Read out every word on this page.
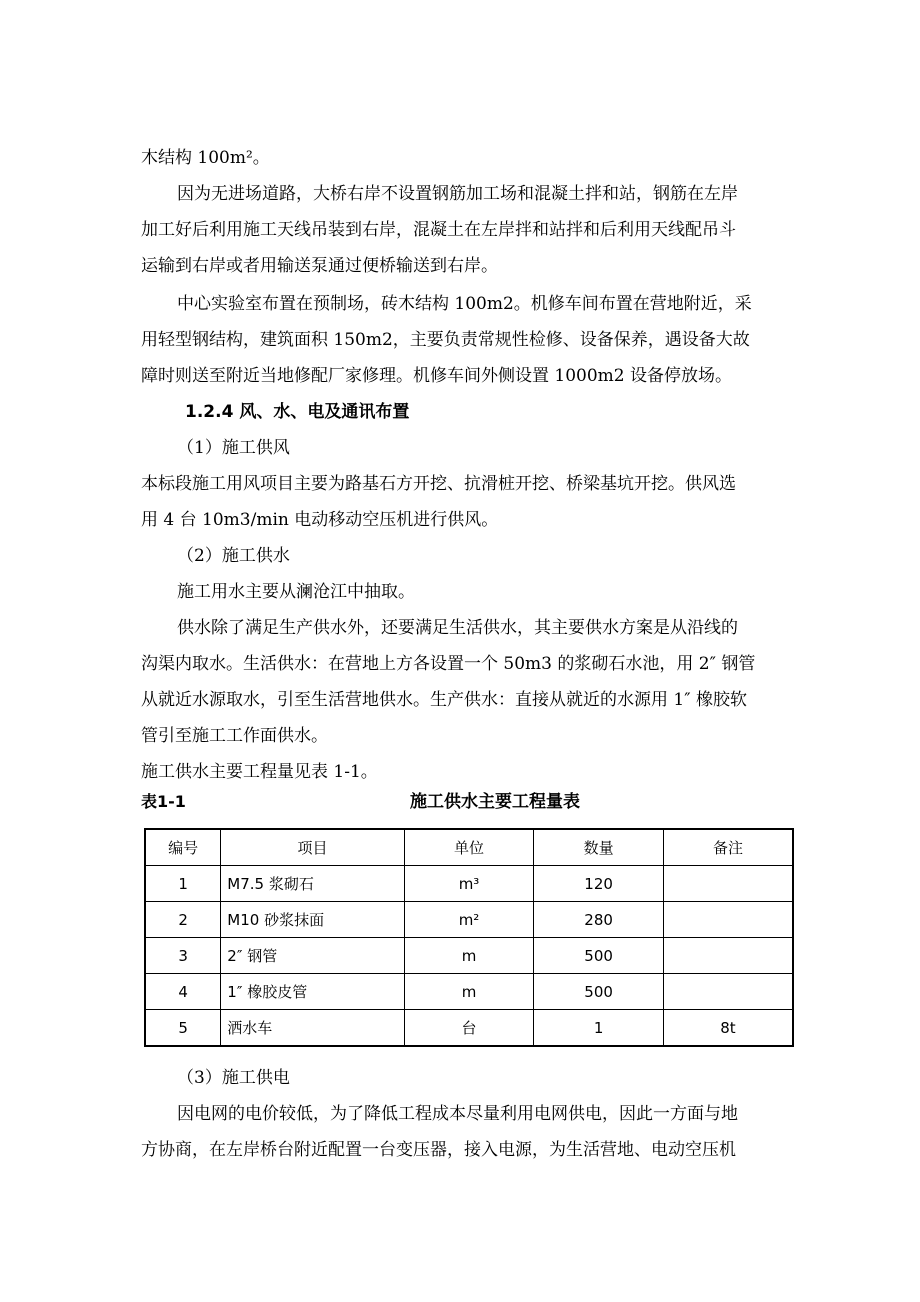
木结构 100m²。
因为无进场道路，大桥右岸不设置钢筋加工场和混凝土拌和站，钢筋在左岸
加工好后利用施工天线吊装到右岸，混凝土在左岸拌和站拌和后利用天线配吊斗
运输到右岸或者用输送泵通过便桥输送到右岸。
中心实验室布置在预制场，砖木结构 100m2。机修车间布置在营地附近，采
用轻型钢结构，建筑面积 150m2，主要负责常规性检修、设备保养，遇设备大故
障时则送至附近当地修配厂家修理。机修车间外侧设置 1000m2 设备停放场。
1.2.4 风、水、电及通讯布置
（1）施工供风
本标段施工用风项目主要为路基石方开挖、抗滑桩开挖、桥梁基坑开挖。供风选
用 4 台 10m3/min 电动移动空压机进行供风。
（2）施工供水
施工用水主要从澜沧江中抽取。
供水除了满足生产供水外，还要满足生活供水，其主要供水方案是从沿线的
沟渠内取水。生活供水：在营地上方各设置一个 50m3 的浆砌石水池，用 2″ 钢管
从就近水源取水，引至生活营地供水。生产供水：直接从就近的水源用 1″ 橡胶软
管引至施工工作面供水。
施工供水主要工程量见表 1-1。
表1-1	施工供水主要工程量表
编号	项目	单位	数量	备注
1	M7.5 浆砌石	m³	120	
2	M10 砂浆抹面	m²	280	
3	2″ 钢管	m	500	
4	1″ 橡胶皮管	m	500	
5	洒水车	台	1	8t
（3）施工供电
因电网的电价较低，为了降低工程成本尽量利用电网供电，因此一方面与地
方协商，在左岸桥台附近配置一台变压器，接入电源，为生活营地、电动空压机
